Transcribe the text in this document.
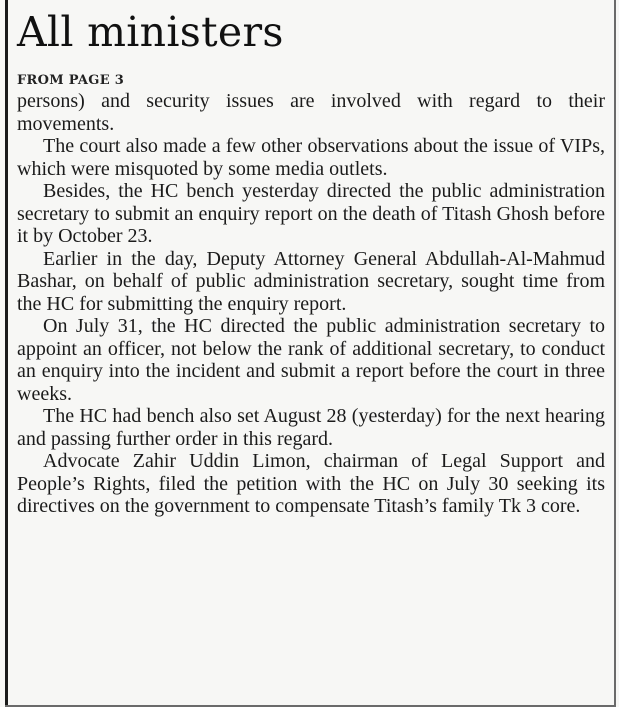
All ministers
FROM PAGE 3

persons) and security issues are involved with regard to their movements.

The court also made a few other observations about the issue of VIPs, which were misquoted by some media outlets.

Besides, the HC bench yesterday directed the public administration secretary to submit an enquiry report on the death of Titash Ghosh before it by October 23.

Earlier in the day, Deputy Attorney General Abdullah-Al-Mahmud Bashar, on behalf of public administration secretary, sought time from the HC for submitting the enquiry report.

On July 31, the HC directed the public administration secretary to appoint an officer, not below the rank of additional secretary, to conduct an enquiry into the incident and submit a report before the court in three weeks.

The HC had bench also set August 28 (yesterday) for the next hearing and passing further order in this regard.

Advocate Zahir Uddin Limon, chairman of Legal Support and People’s Rights, filed the petition with the HC on July 30 seeking its directives on the government to compensate Titash’s family Tk 3 core.
